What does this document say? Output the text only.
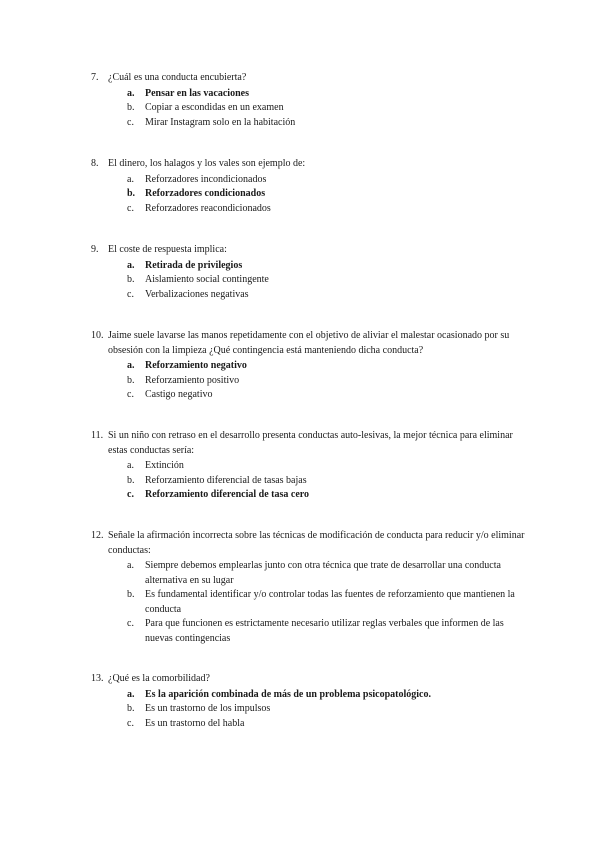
7. ¿Cuál es una conducta encubierta?
a.	Pensar en las vacaciones
b.	Copiar a escondidas en un examen
c.	Mirar Instagram solo en la habitación
8. El dinero, los halagos y los vales son ejemplo de:
a.	Reforzadores incondicionados
b. Reforzadores condicionados
c.	Reforzadores reacondicionados
9. El coste de respuesta implica:
a.	Retirada de privilegios
b.	Aislamiento social contingente
c.	Verbalizaciones negativas
10. Jaime suele lavarse las manos repetidamente con el objetivo de aliviar el malestar ocasionado por su obsesión con la limpieza ¿Qué contingencia está manteniendo dicha conducta?
a.	Reforzamiento negativo
b.	Reforzamiento positivo
c.	Castigo negativo
11. Si un niño con retraso en el desarrollo presenta conductas auto-lesivas, la mejor técnica para eliminar estas conductas sería:
a.	Extinción
b.	Reforzamiento diferencial de tasas bajas
c.	Reforzamiento diferencial de tasa cero
12. Señale la afirmación incorrecta sobre las técnicas de modificación de conducta para reducir y/o eliminar conductas:
a.	Siempre debemos emplearlas junto con otra técnica que trate de desarrollar una conducta alternativa en su lugar
b.	Es fundamental identificar y/o controlar todas las fuentes de reforzamiento que mantienen la conducta
c.	Para que funcionen es estrictamente necesario utilizar reglas verbales que informen de las nuevas contingencias
13. ¿Qué es la comorbilidad?
a.	Es la aparición combinada de más de un problema psicopatológico.
b.	Es un trastorno de los impulsos
c.	Es un trastorno del habla
